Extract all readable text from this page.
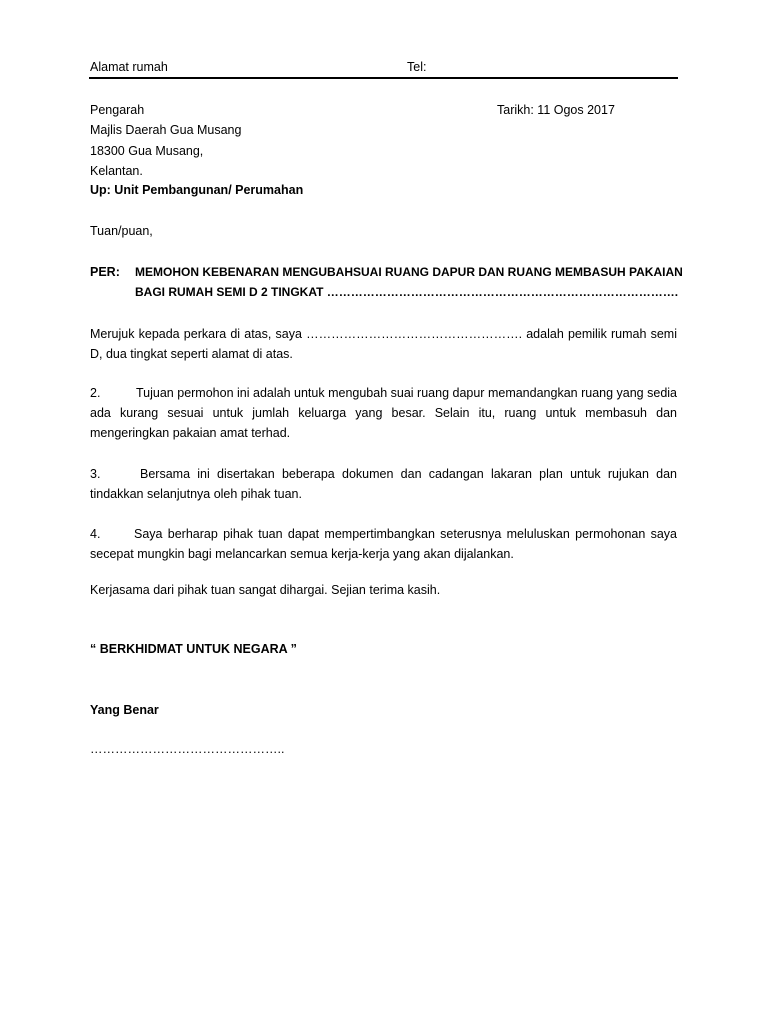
Alamat rumah	Tel:
Pengarah	Tarikh: 11 Ogos 2017
Majlis Daerah Gua Musang
18300 Gua Musang,
Kelantan.
Up: Unit Pembangunan/ Perumahan
Tuan/puan,
PER: MEMOHON KEBENARAN MENGUBAHSUAI RUANG DAPUR DAN RUANG MEMBASUH PAKAIAN
BAGI RUMAH SEMI D 2 TINGKAT …………………………………………………………………………….
Merujuk kepada perkara di atas, saya ……………………………………………. adalah pemilik rumah semi D, dua tingkat seperti alamat di atas.
2.	Tujuan permohon ini adalah untuk mengubah suai ruang dapur memandangkan ruang yang sedia ada kurang sesuai untuk jumlah keluarga yang besar. Selain itu, ruang untuk membasuh dan mengeringkan pakaian amat terhad.
3.	Bersama ini disertakan beberapa dokumen dan cadangan lakaran plan untuk rujukan dan tindakkan selanjutnya oleh pihak tuan.
4.	Saya berharap pihak tuan dapat mempertimbangkan seterusnya meluluskan permohonan saya secepat mungkin bagi melancarkan semua kerja-kerja yang akan dijalankan.
Kerjasama dari pihak tuan sangat dihargai. Sejian terima kasih.
“ BERKHIDMAT UNTUK NEGARA ”
Yang Benar
………………………………………..
